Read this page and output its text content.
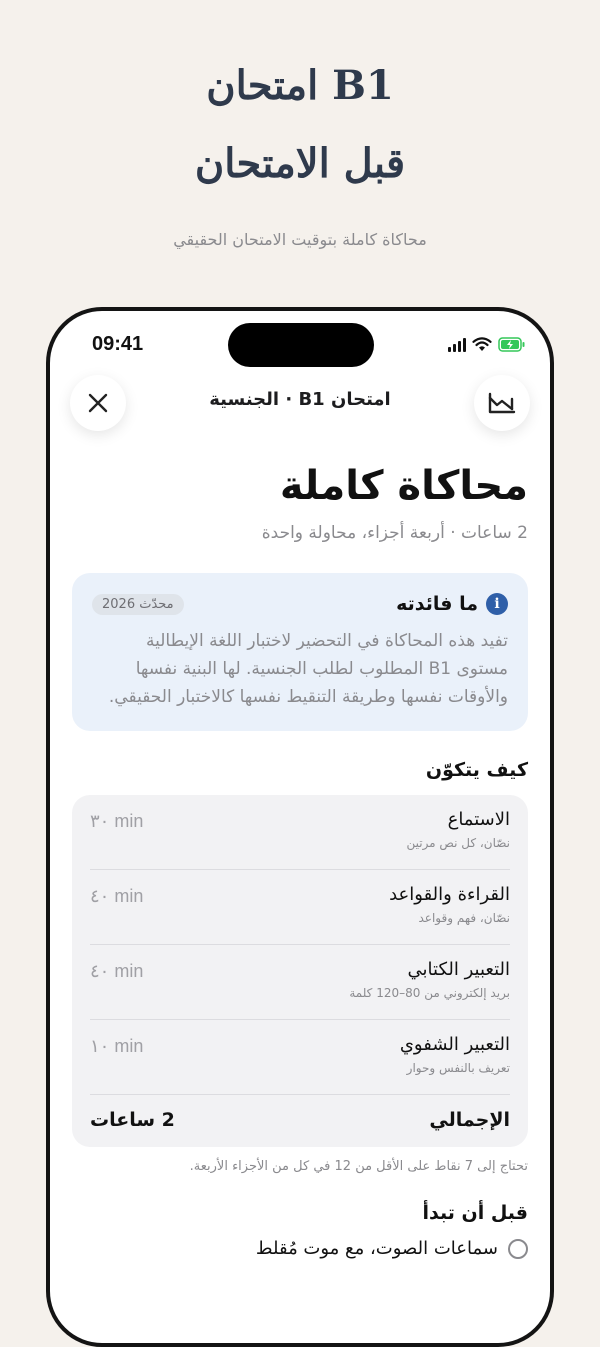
امتحان B1
قبل الامتحان
محاكاة كاملة بتوقيت الامتحان الحقيقي
09:41
امتحان B1 · الجنسية
محاكاة كاملة
2 ساعات · أربعة أجزاء، محاولة واحدة
i
ما فائدته
محدّث 2026
تفيد هذه المحاكاة في التحضير لاختبار اللغة الإيطالية مستوى B1 المطلوب لطلب الجنسية. لها البنية نفسها والأوقات نفسها وطريقة التنقيط نفسها كالاختبار الحقيقي.
كيف يتكوّن
الاستماع
نصّان، كل نص مرتين
٣٠ min
القراءة والقواعد
نصّان، فهم وقواعد
٤٠ min
التعبير الكتابي
بريد إلكتروني من 80–120 كلمة
٤٠ min
التعبير الشفوي
تعريف بالنفس وحوار
١٠ min
الإجمالي
2 ساعات
تحتاج إلى 7 نقاط على الأقل من 12 في كل من الأجزاء الأربعة.
قبل أن تبدأ
سماعات الصوت، مع موت مُقلط
